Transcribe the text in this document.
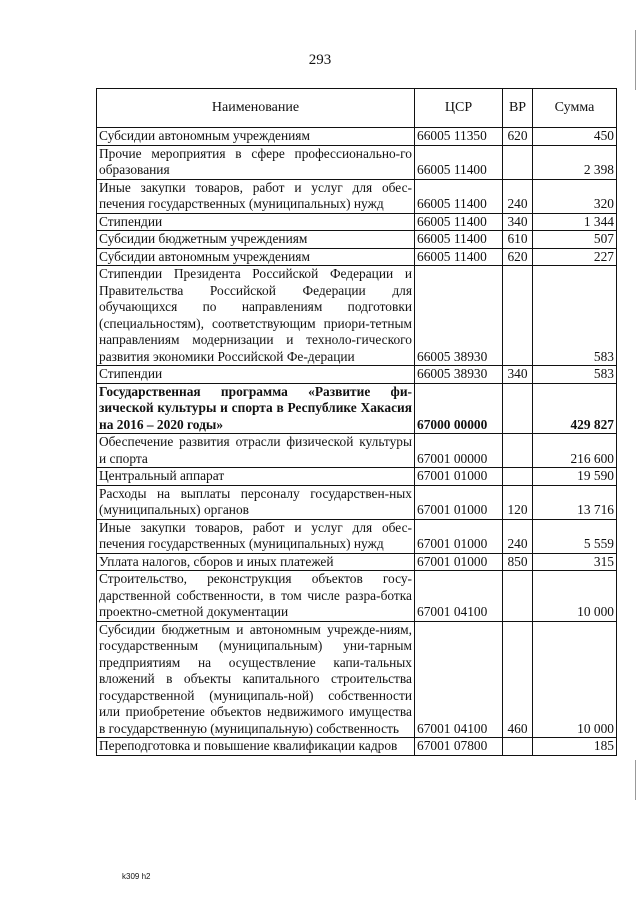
293
Наименование	ЦСР	ВР	Сумма
Субсидии автономным учреждениям	66005 11350	620	450
Прочие мероприятия в сфере профессионально-го образования	66005 11400		2 398
Иные закупки товаров, работ и услуг для обес-печения государственных (муниципальных) нужд	66005 11400	240	320
Стипендии	66005 11400	340	1 344
Субсидии бюджетным учреждениям	66005 11400	610	507
Субсидии автономным учреждениям	66005 11400	620	227
Стипендии Президента Российской Федерации и Правительства Российской Федерации для обучающихся по направлениям подготовки (специальностям), соответствующим приори-тетным направлениям модернизации и техноло-гического развития экономики Российской Фе-дерации	66005 38930		583
Стипендии	66005 38930	340	583
Государственная программа «Развитие фи-зической культуры и спорта в Республике Хакасия на 2016 – 2020 годы»	67000 00000		429 827
Обеспечение развития отрасли физической культуры и спорта	67001 00000		216 600
Центральный аппарат	67001 01000		19 590
Расходы на выплаты персоналу государствен-ных (муниципальных) органов	67001 01000	120	13 716
Иные закупки товаров, работ и услуг для обес-печения государственных (муниципальных) нужд	67001 01000	240	5 559
Уплата налогов, сборов и иных платежей	67001 01000	850	315
Строительство, реконструкция объектов госу-дарственной собственности, в том числе разра-ботка проектно-сметной документации	67001 04100		10 000
Субсидии бюджетным и автономным учрежде-ниям, государственным (муниципальным) уни-тарным предприятиям на осуществление капи-тальных вложений в объекты капитального строительства государственной (муниципаль-ной) собственности или приобретение объектов недвижимого имущества в государственную (муниципальную) собственность	67001 04100	460	10 000
Переподготовка и повышение квалификации кадров	67001 07800		185
k309 h2
